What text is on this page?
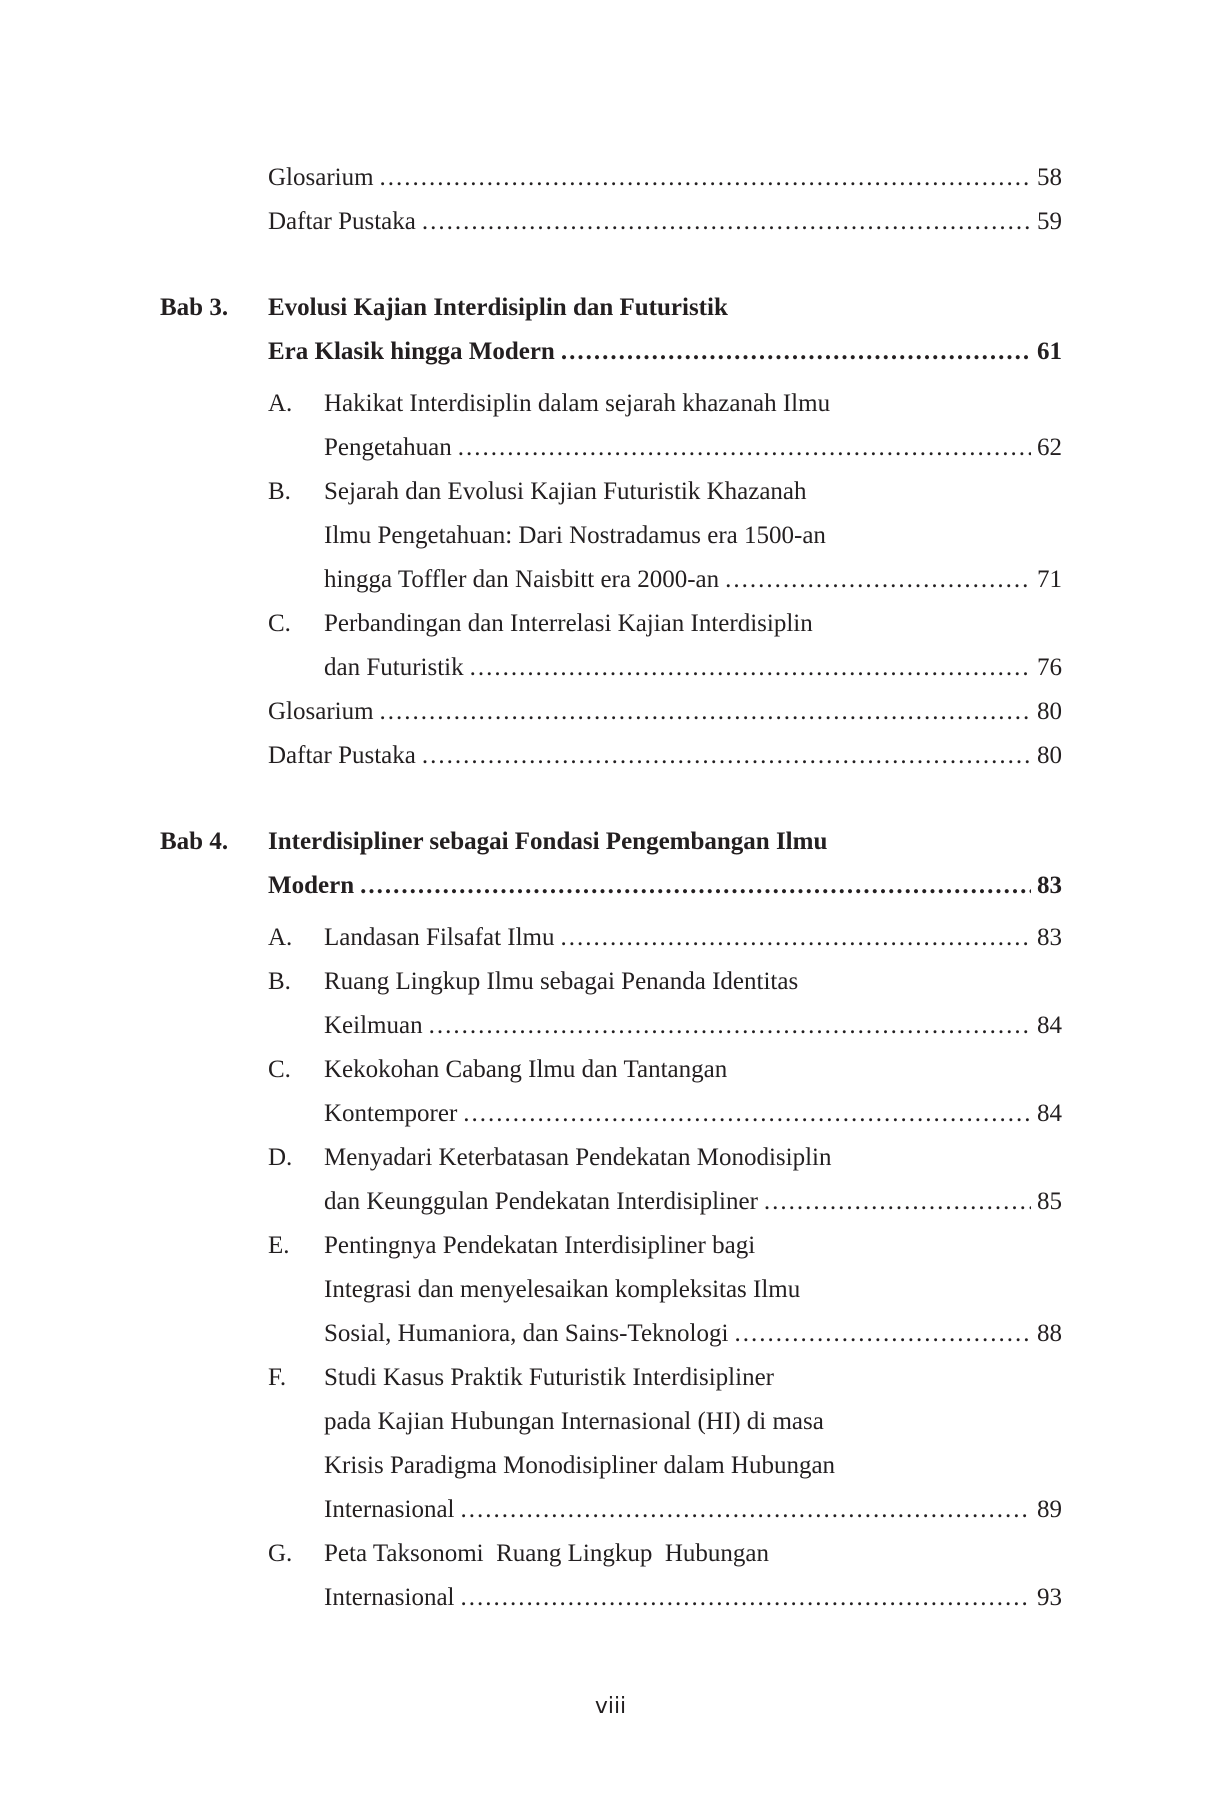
Glosarium .....	58
Daftar Pustaka .....	59
Bab 3.	Evolusi Kajian Interdisiplin dan Futuristik
Era Klasik hingga Modern .....	61
A.	Hakikat Interdisiplin dalam sejarah khazanah Ilmu
Pengetahuan .....	62
B.	Sejarah dan Evolusi Kajian Futuristik Khazanah
Ilmu Pengetahuan: Dari Nostradamus era 1500-an
hingga Toffler dan Naisbitt era 2000-an .....	71
C.	Perbandingan dan Interrelasi Kajian Interdisiplin
dan Futuristik .....	76
Glosarium .....	80
Daftar Pustaka .....	80
Bab 4.	Interdisipliner sebagai Fondasi Pengembangan Ilmu
Modern .....	83
A.	Landasan Filsafat Ilmu .....	83
B.	Ruang Lingkup Ilmu sebagai Penanda Identitas
Keilmuan .....	84
C.	Kekokohan Cabang Ilmu dan Tantangan
Kontemporer .....	84
D.	Menyadari Keterbatasan Pendekatan Monodisiplin
dan Keunggulan Pendekatan Interdisipliner .....	85
E.	Pentingnya Pendekatan Interdisipliner bagi
Integrasi dan menyelesaikan kompleksitas Ilmu
Sosial, Humaniora, dan Sains-Teknologi .....	88
F.	Studi Kasus Praktik Futuristik Interdisipliner
pada Kajian Hubungan Internasional (HI) di masa
Krisis Paradigma Monodisipliner dalam Hubungan
Internasional .....	89
G.	Peta Taksonomi  Ruang Lingkup  Hubungan
Internasional .....	93
viii
